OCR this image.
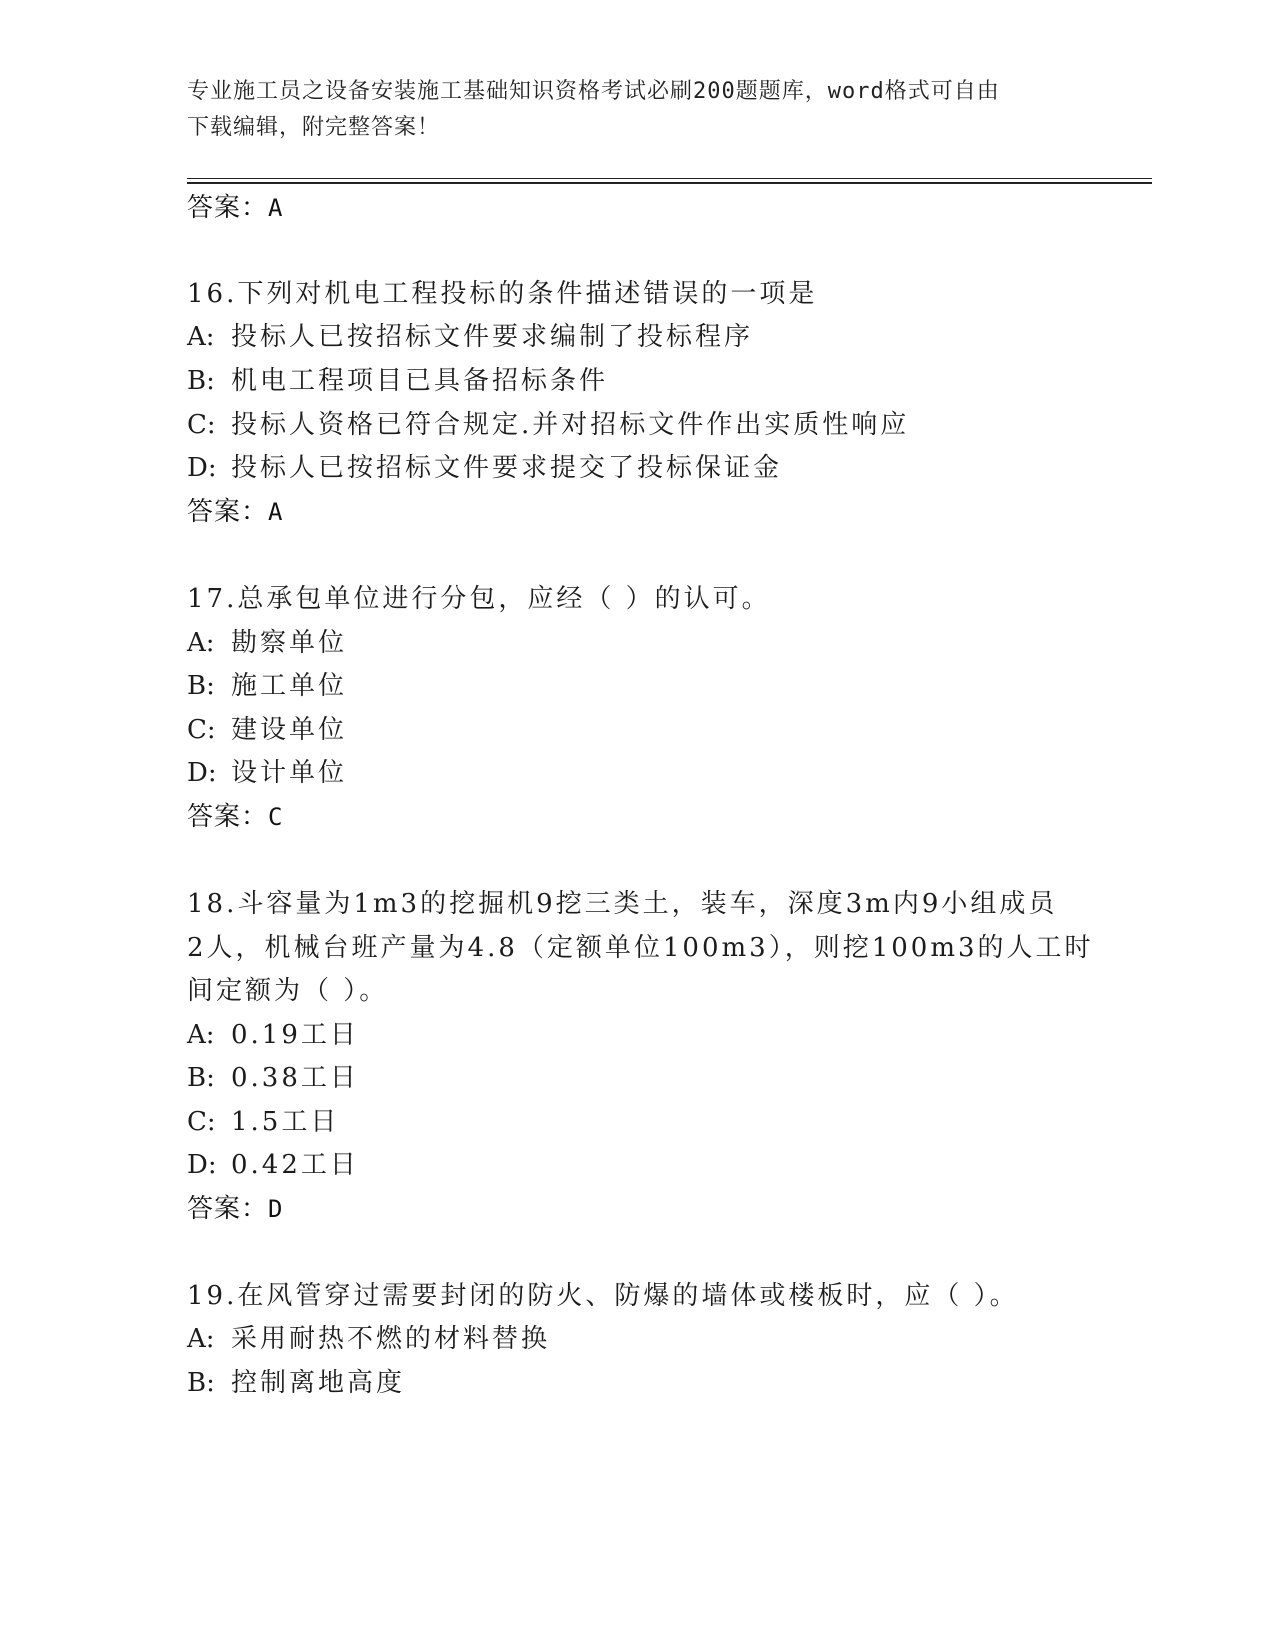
专业施工员之设备安装施工基础知识资格考试必刷200题题库，word格式可自由
下载编辑，附完整答案！
答案：A
16.下列对机电工程投标的条件描述错误的一项是
A: 投标人已按招标文件要求编制了投标程序
B: 机电工程项目已具备招标条件
C: 投标人资格已符合规定.并对招标文件作出实质性响应
D: 投标人已按招标文件要求提交了投标保证金
答案：A
17.总承包单位进行分包，应经（ ）的认可。
A: 勘察单位
B: 施工单位
C: 建设单位
D: 设计单位
答案：C
18.斗容量为1m3的挖掘机9挖三类土，装车，深度3m内9小组成员
2人，机械台班产量为4.8（定额单位100m3），则挖100m3的人工时
间定额为（ ）。
A: 0.19工日
B: 0.38工日
C: 1.5工日
D: 0.42工日
答案：D
19.在风管穿过需要封闭的防火、防爆的墙体或楼板时，应（ ）。
A: 采用耐热不燃的材料替换
B: 控制离地高度
